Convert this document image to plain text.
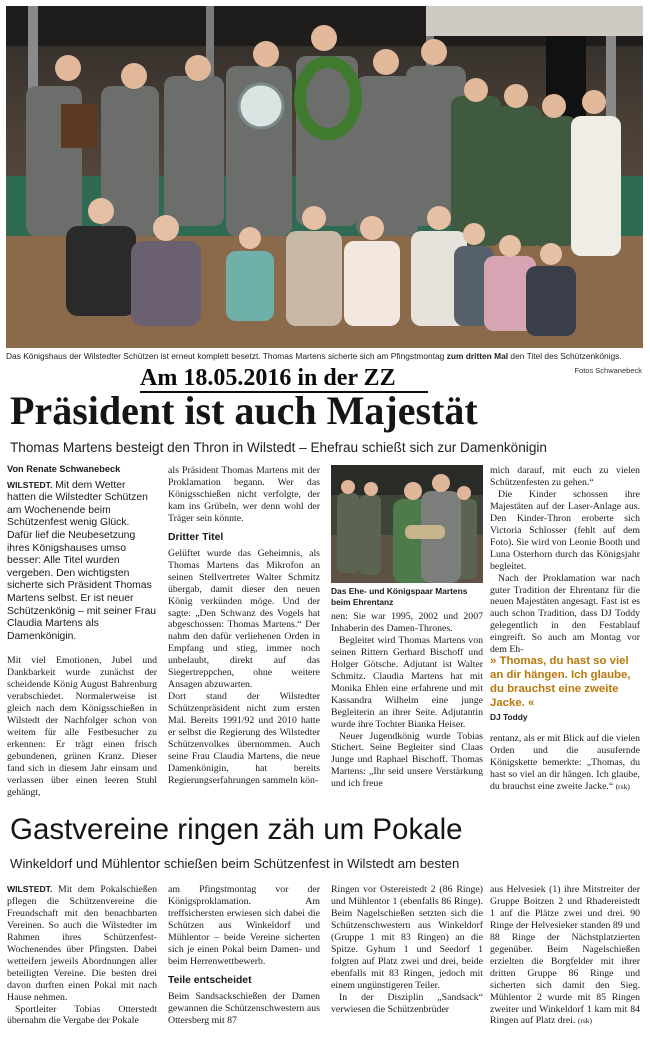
Das Königshaus der Wilstedter Schützen ist erneut komplett besetzt. Thomas Martens sicherte sich am Pfingstmontag zum dritten Mal den Titel des Schützenkönigs.
Fotos Schwanebeck
Am 18.05.2016 in der ZZ
Präsident ist auch Majestät
Thomas Martens besteigt den Thron in Wilstedt – Ehefrau schießt sich zur Damenkönigin

Von Renate Schwanebeck
WILSTEDT. Mit dem Wetter hatten die Wilstedter Schützen am Wochenende beim Schützenfest wenig Glück. Dafür lief die Neubesetzung ihres Königshauses umso besser: Alle Titel wurden vergeben. Den wichtigsten sicherte sich Präsident Thomas Martens selbst. Er ist neuer Schützenkönig – mit seiner Frau Claudia Martens als Damenkönigin.

Mit viel Emotionen, Jubel und Dankbarkeit wurde zunächst der scheidende König August Bahrenburg verabschiedet. Normalerweise ist gleich nach dem Königsschießen in Wilstedt der Nachfolger schon von weitem für alle Festbesucher zu erkennen: Er trägt einen frisch gebundenen, grünen Kranz. Dieser fand sich in diesem Jahr einsam und verlassen über einen leeren Stuhl gehängt,

als Präsident Thomas Martens mit der Proklamation begann. Wer das Königsschießen nicht verfolgte, der kam ins Grübeln, wer denn wohl der Träger sein könnte.

Dritter Titel

Gelüftet wurde das Geheimnis, als Thomas Martens das Mikrofon an seinen Stellvertreter Walter Schmitz übergab, damit dieser den neuen König verkünden möge. Und der sagte: „Den Schwanz des Vogels hat abgeschossen: Thomas Martens.“ Der nahm den dafür verliehenen Orden in Empfang und stieg, immer noch unbelaubt, direkt auf das Siegertreppchen, ohne weitere Ansagen abzuwarten.

Dort stand der Wilstedter Schützenpräsident nicht zum ersten Mal. Bereits 1991/92 und 2010 hatte er selbst die Regierung des Wilstedter Schützenvolkes übernommen. Auch seine Frau Claudia Martens, die neue Damenkönigin, hat bereits Regierungserfahrungen sammeln kön-

Das Ehe- und Königspaar Martens beim Ehrentanz

nen: Sie war 1995, 2002 und 2007 Inhaberin des Damen-Thrones.

Begleitet wird Thomas Martens von seinen Rittern Gerhard Bischoff und Holger Götsche. Adjutant ist Walter Schmitz. Claudia Martens hat mit Monika Ehlen eine erfahrene und mit Kassandra Wilhelm eine junge Begleiterin an ihrer Seite. Adjutantin wurde ihre Tochter Bianka Heiser.

Neuer Jugendkönig wurde Tobias Stichert. Seine Begleiter sind Claas Junge und Raphael Bischoff. Thomas Martens: „Ihr seid unsere Verstärkung und ich freue

mich darauf, mit euch zu vielen Schützenfesten zu gehen.“

Die Kinder schossen ihre Majestäten auf der Laser-Anlage aus. Den Kinder-Thron eroberte sich Victoria Schlosser (fehlt auf dem Foto). Sie wird von Leonie Booth und Luna Osterhorn durch das Königsjahr begleitet.

Nach der Proklamation war nach guter Tradition der Ehrentanz für die neuen Majestäten angesagt. Fast ist es auch schon Tradition, dass DJ Toddy gelegentlich in den Festablauf eingreift. So auch am Montag vor dem Eh-

» Thomas, du hast so viel an dir hängen. Ich glaube, du brauchst eine zweite Jacke. «
DJ Toddy

rentanz, als er mit Blick auf die vielen Orden und die ausufernde Königskette bemerkte: „Thomas, du hast so viel an dir hängen. Ich glaube, du brauchst eine zweite Jacke.“ (rsk)

Gastvereine ringen zäh um Pokale
Winkeldorf und Mühlentor schießen beim Schützenfest in Wilstedt am besten

WILSTEDT. Mit dem Pokalschießen pflegen die Schützenvereine die Freundschaft mit den benachbarten Vereinen. So auch die Wilstedter im Rahmen ihres Schützenfest-Wochenendes über Pfingsten. Dabei wetteifern jeweils Abordnungen aller beteiligten Vereine. Die besten drei davon durften einen Pokal mit nach Hause nehmen.

Sportleiter Tobias Otterstedt übernahm die Vergabe der Pokale

am Pfingstmontag vor der Königsproklamation. Am treffsichersten erwiesen sich dabei die Schützen aus Winkeldorf und Mühlentor – beide Vereine sicherten sich je einen Pokal beim Damen- und beim Herrenwettbewerb.

Teile entscheidet

Beim Sandsackschießen der Damen gewannen die Schützenschwestern aus Ottersberg mit 87

Ringen vor Ostereistedt 2 (86 Ringe) und Mühlentor 1 (ebenfalls 86 Ringe). Beim Nagelschießen setzten sich die Schützenschwestern aus Winkeldorf (Gruppe 1 mit 83 Ringen) an die Spitze. Gyhum 1 und Seedorf 1 folgten auf Platz zwei und drei, beide ebenfalls mit 83 Ringen, jedoch mit einem ungünstigeren Teiler.

In der Disziplin „Sandsack“ verwiesen die Schützenbrüder

aus Helvesiek (1) ihre Mitstreiter der Gruppe Boitzen 2 und Rhadereistedt 1 auf die Plätze zwei und drei. 90 Ringe der Helvesieker standen 89 und 88 Ringe der Nächstplatzierten gegenüber. Beim Nagelschießen erzielten die Borgfelder mit ihrer dritten Gruppe 86 Ringe und sicherten sich damit den Sieg. Mühlentor 2 wurde mit 85 Ringen zweiter und Winkeldorf 1 kam mit 84 Ringen auf Platz drei. (rsk)
